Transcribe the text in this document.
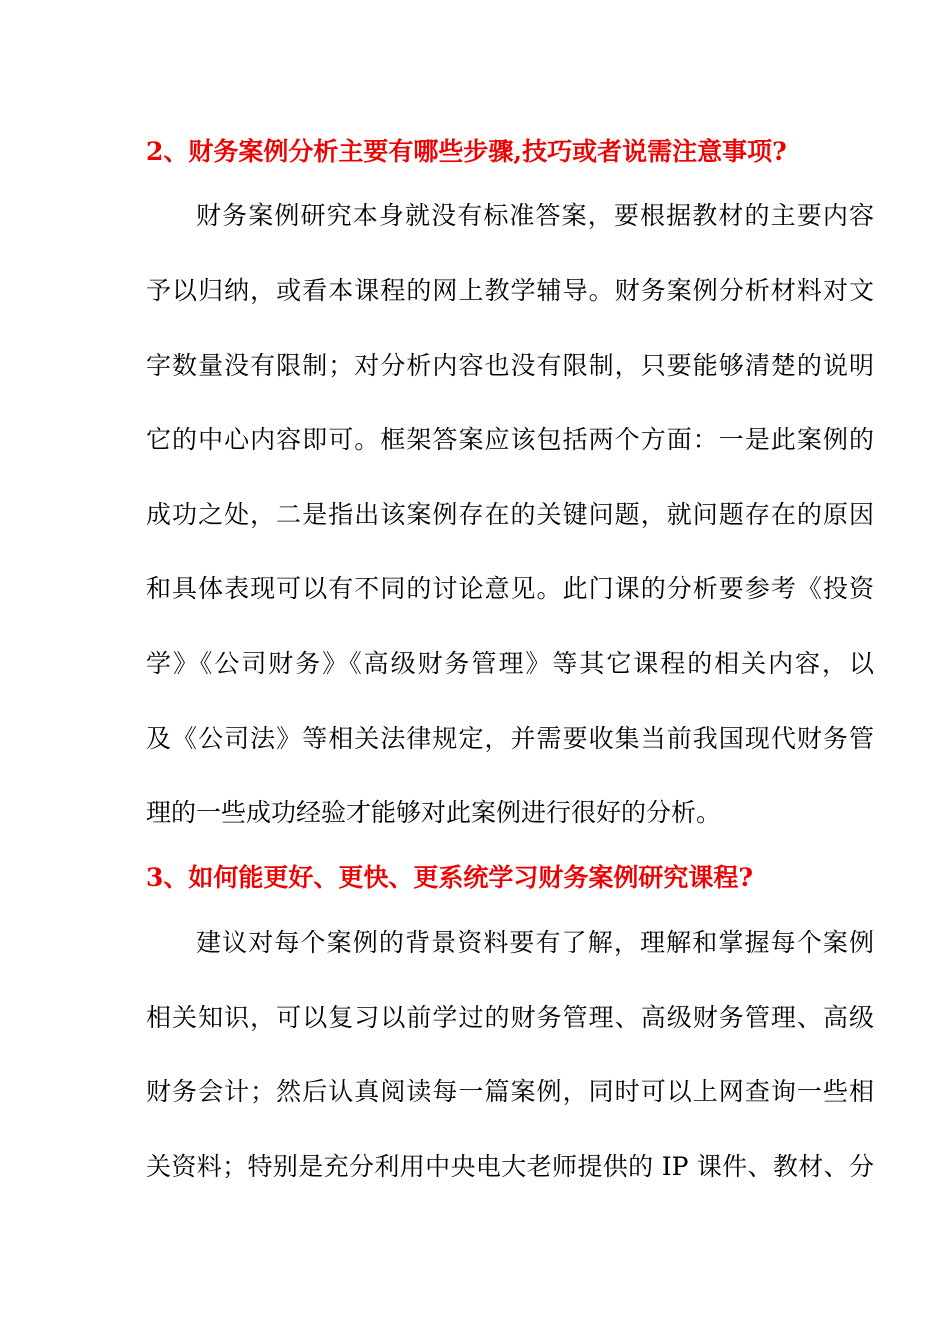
2、财务案例分析主要有哪些步骤,技巧或者说需注意事项?
财务案例研究本身就没有标准答案，要根据教材的主要内容
予以归纳，或看本课程的网上教学辅导。财务案例分析材料对文
字数量没有限制；对分析内容也没有限制，只要能够清楚的说明
它的中心内容即可。框架答案应该包括两个方面：一是此案例的
成功之处，二是指出该案例存在的关键问题，就问题存在的原因
和具体表现可以有不同的讨论意见。此门课的分析要参考《投资
学》《公司财务》《高级财务管理》等其它课程的相关内容，以
及《公司法》等相关法律规定，并需要收集当前我国现代财务管
理的一些成功经验才能够对此案例进行很好的分析。
3、如何能更好、更快、更系统学习财务案例研究课程?
建议对每个案例的背景资料要有了解，理解和掌握每个案例
相关知识，可以复习以前学过的财务管理、高级财务管理、高级
财务会计；然后认真阅读每一篇案例，同时可以上网查询一些相
关资料；特别是充分利用中央电大老师提供的 IP 课件、教材、分
